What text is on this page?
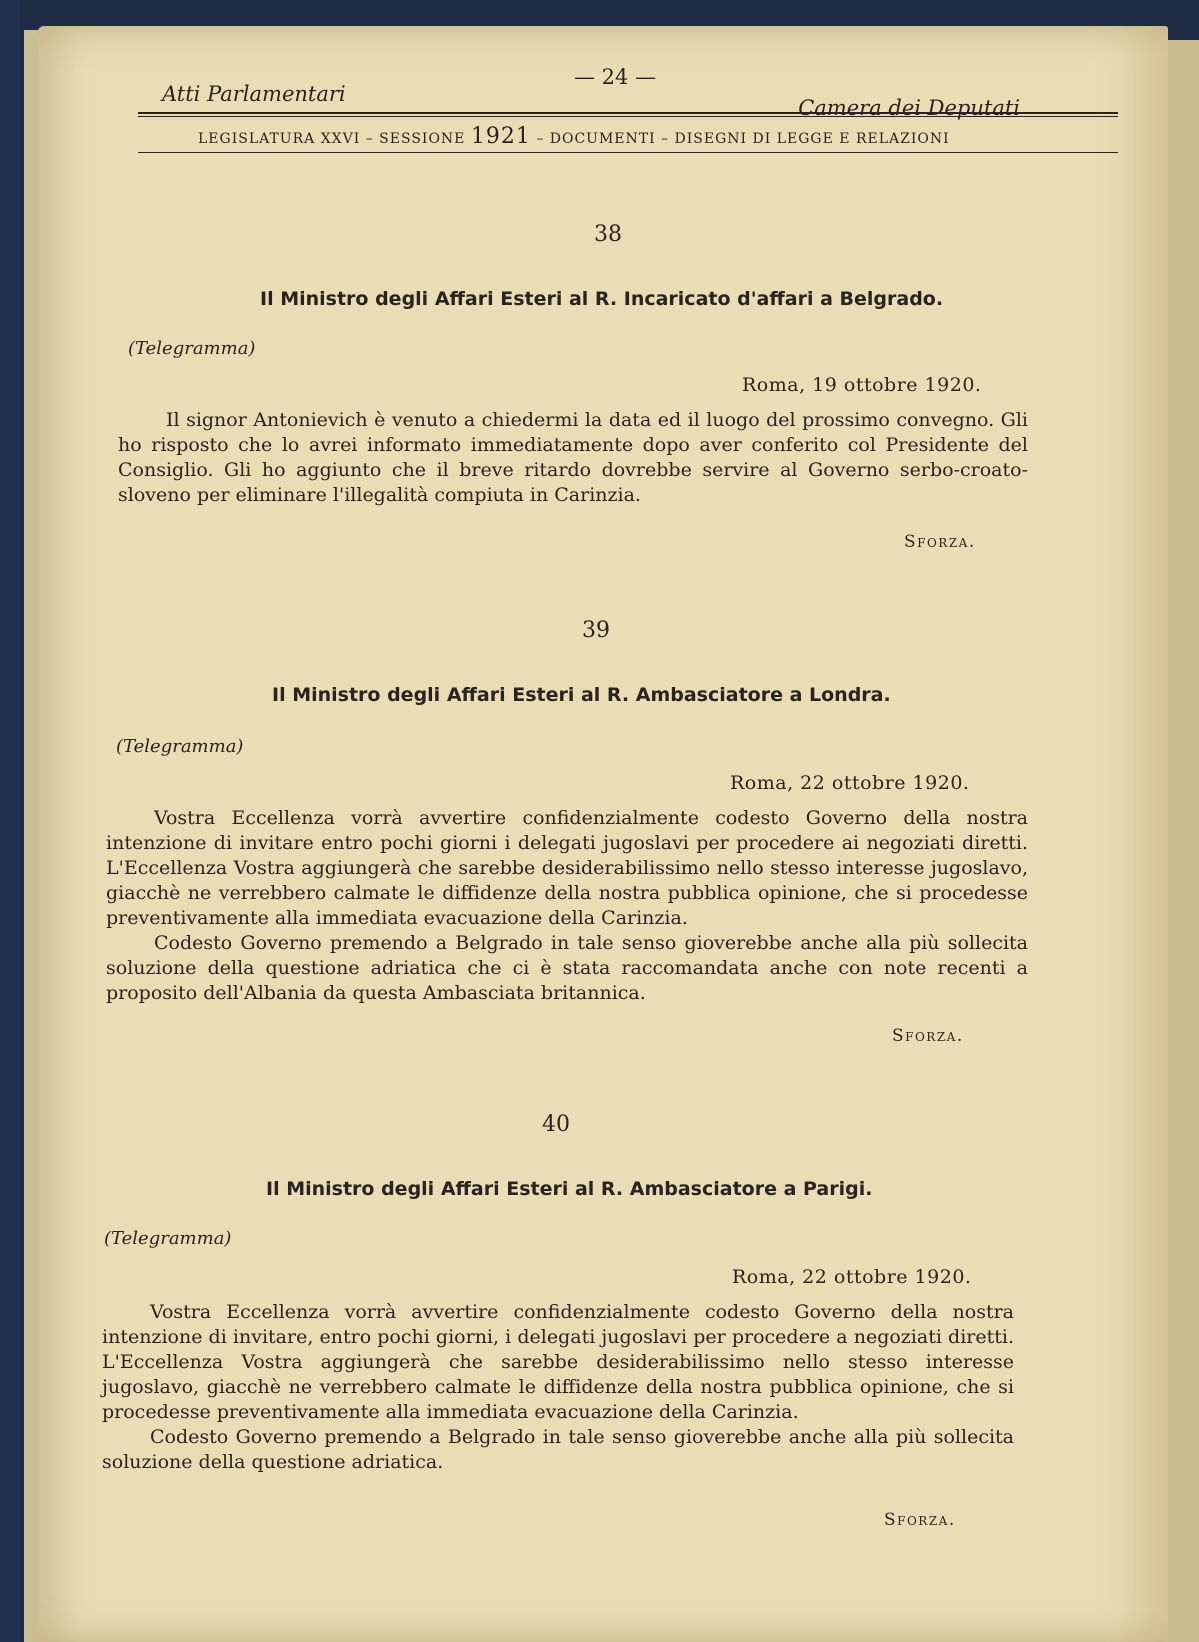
Atti Parlamentari
— 24 —
Camera dei Deputati
LEGISLATURA XXVI – SESSIONE 1921 – DOCUMENTI – DISEGNI DI LEGGE E RELAZIONI
38
Il Ministro degli Affari Esteri al R. Incaricato d'affari a Belgrado.
(Telegramma)
Roma, 19 ottobre 1920.

Il signor Antonievich è venuto a chiedermi la data ed il luogo del prossimo convegno. Gli ho risposto che lo avrei informato immediatamente dopo aver conferito col Presidente del Consiglio. Gli ho aggiunto che il breve ritardo dovrebbe servire al Governo serbo-croato-sloveno per eliminare l'illegalità compiuta in Carinzia.

Sforza.
39
Il Ministro degli Affari Esteri al R. Ambasciatore a Londra.
(Telegramma)
Roma, 22 ottobre 1920.

Vostra Eccellenza vorrà avvertire confidenzialmente codesto Governo della nostra intenzione di invitare entro pochi giorni i delegati jugoslavi per procedere ai negoziati diretti. L'Eccellenza Vostra aggiungerà che sarebbe desiderabilissimo nello stesso interesse jugoslavo, giacchè ne verrebbero calmate le diffidenze della nostra pubblica opinione, che si procedesse preventivamente alla immediata evacuazione della Carinzia.

Codesto Governo premendo a Belgrado in tale senso gioverebbe anche alla più sollecita soluzione della questione adriatica che ci è stata raccomandata anche con note recenti a proposito dell'Albania da questa Ambasciata britannica.

Sforza.
40
Il Ministro degli Affari Esteri al R. Ambasciatore a Parigi.
(Telegramma)
Roma, 22 ottobre 1920.

Vostra Eccellenza vorrà avvertire confidenzialmente codesto Governo della nostra intenzione di invitare, entro pochi giorni, i delegati jugoslavi per procedere a negoziati diretti. L'Eccellenza Vostra aggiungerà che sarebbe desiderabilissimo nello stesso interesse jugoslavo, giacchè ne verrebbero calmate le diffidenze della nostra pubblica opinione, che si procedesse preventivamente alla immediata evacuazione della Carinzia.

Codesto Governo premendo a Belgrado in tale senso gioverebbe anche alla più sollecita soluzione della questione adriatica.

Sforza.
